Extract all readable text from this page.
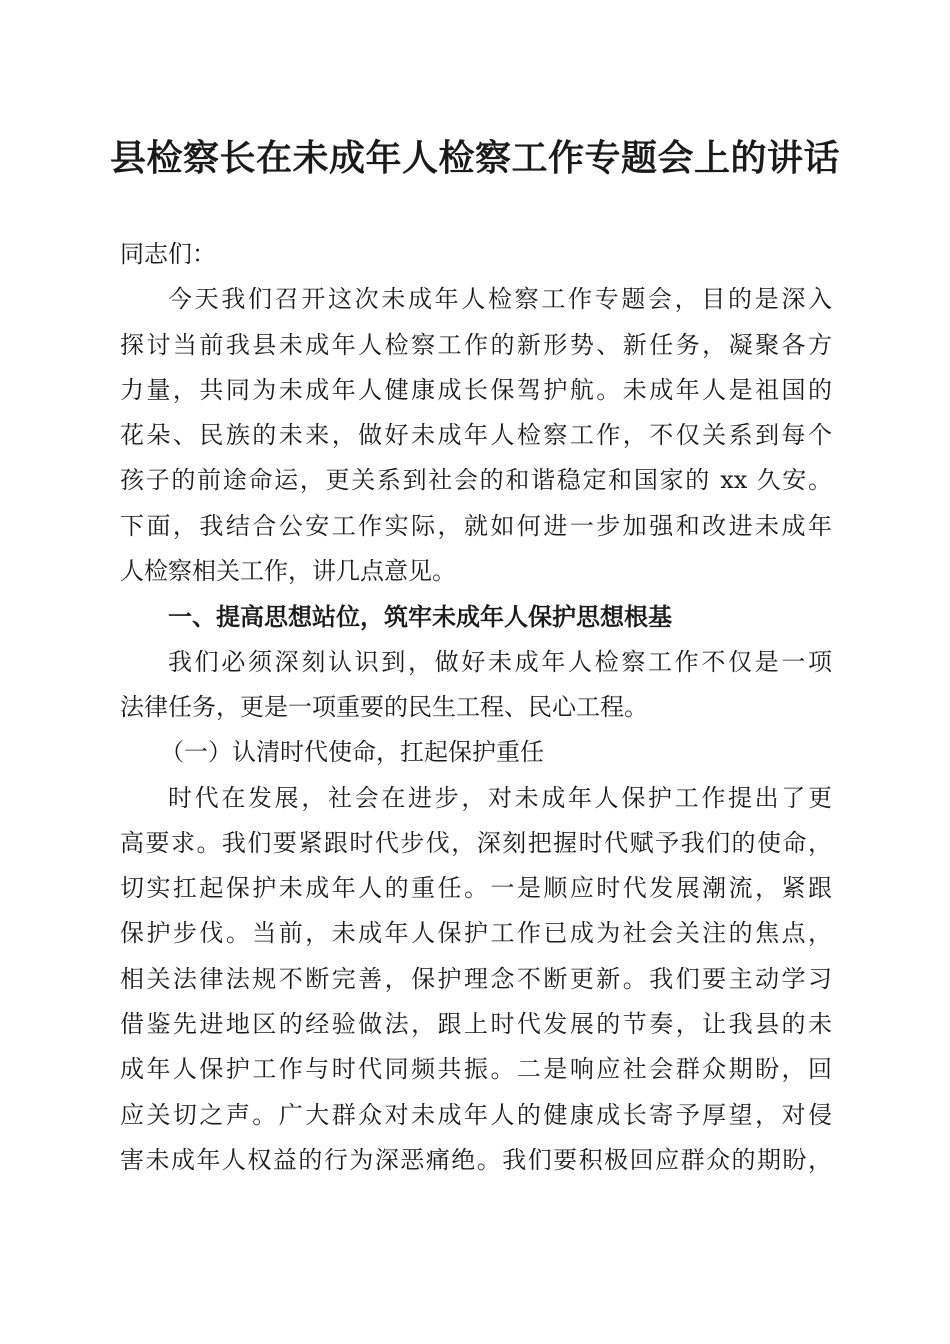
县检察长在未成年人检察工作专题会上的讲话
同志们：
今天我们召开这次未成年人检察工作专题会，目的是深入
探讨当前我县未成年人检察工作的新形势、新任务，凝聚各方
力量，共同为未成年人健康成长保驾护航。未成年人是祖国的
花朵、民族的未来，做好未成年人检察工作，不仅关系到每个
孩子的前途命运，更关系到社会的和谐稳定和国家的 xx 久安。
下面，我结合公安工作实际，就如何进一步加强和改进未成年
人检察相关工作，讲几点意见。
一、提高思想站位，筑牢未成年人保护思想根基
我们必须深刻认识到，做好未成年人检察工作不仅是一项
法律任务，更是一项重要的民生工程、民心工程。
（一）认清时代使命，扛起保护重任
时代在发展，社会在进步，对未成年人保护工作提出了更
高要求。我们要紧跟时代步伐，深刻把握时代赋予我们的使命，
切实扛起保护未成年人的重任。一是顺应时代发展潮流，紧跟
保护步伐。当前，未成年人保护工作已成为社会关注的焦点，
相关法律法规不断完善，保护理念不断更新。我们要主动学习
借鉴先进地区的经验做法，跟上时代发展的节奏，让我县的未
成年人保护工作与时代同频共振。二是响应社会群众期盼，回
应关切之声。广大群众对未成年人的健康成长寄予厚望，对侵
害未成年人权益的行为深恶痛绝。我们要积极回应群众的期盼，
